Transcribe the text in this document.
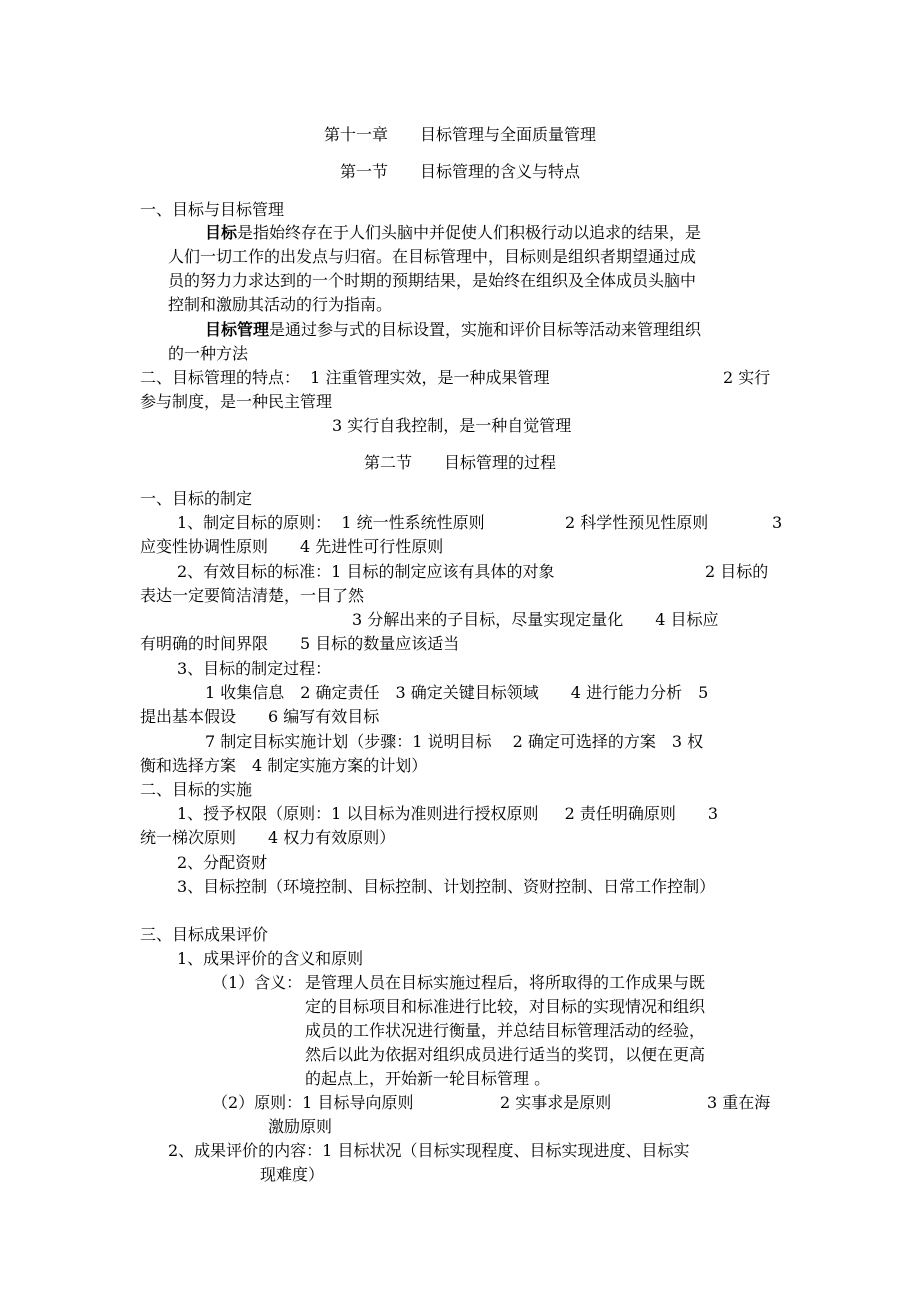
第十一章　　目标管理与全面质量管理
第一节　　目标管理的含义与特点
一、目标与目标管理
目标是指始终存在于人们头脑中并促使人们积极行动以追求的结果，是
人们一切工作的出发点与归宿。在目标管理中，目标则是组织者期望通过成
员的努力力求达到的一个时期的预期结果，是始终在组织及全体成员头脑中
控制和激励其活动的行为指南。
目标管理是通过参与式的目标设置，实施和评价目标等活动来管理组织
的一种方法
二、目标管理的特点：  1 注重管理实效，是一种成果管理	2 实行
参与制度，是一种民主管理
3 实行自我控制，是一种自觉管理
第二节　　目标管理的过程
一、目标的制定
1、制定目标的原则：  1 统一性系统性原则	2 科学性预见性原则	3
应变性协调性原则　　4 先进性可行性原则
2、有效目标的标准：1 目标的制定应该有具体的对象	2 目标的
表达一定要简洁清楚，一目了然
3 分解出来的子目标，尽量实现定量化　　4 目标应
有明确的时间界限　　5 目标的数量应该适当
3、目标的制定过程：
1 收集信息　2 确定责任　3 确定关键目标领域　　4 进行能力分析　5
提出基本假设　　6 编写有效目标
7 制定目标实施计划（步骤：1 说明目标　 2 确定可选择的方案　3 权
衡和选择方案　4 制定实施方案的计划）
二、目标的实施
1、授予权限（原则：1 以目标为准则进行授权原则　  2 责任明确原则　　3
统一梯次原则　　4 权力有效原则）
2、分配资财
3、目标控制（环境控制、目标控制、计划控制、资财控制、日常工作控制）
三、目标成果评价
1、成果评价的含义和原则
（1）含义： 是管理人员在目标实施过程后，将所取得的工作成果与既
定的目标项目和标准进行比较，对目标的实现情况和组织
成员的工作状况进行衡量，并总结目标管理活动的经验，
然后以此为依据对组织成员进行适当的奖罚，以便在更高
的起点上，开始新一轮目标管理 。
（2）原则：1 目标导向原则	2 实事求是原则	3 重在海
激励原则
2、成果评价的内容：1 目标状况（目标实现程度、目标实现进度、目标实
现难度）
